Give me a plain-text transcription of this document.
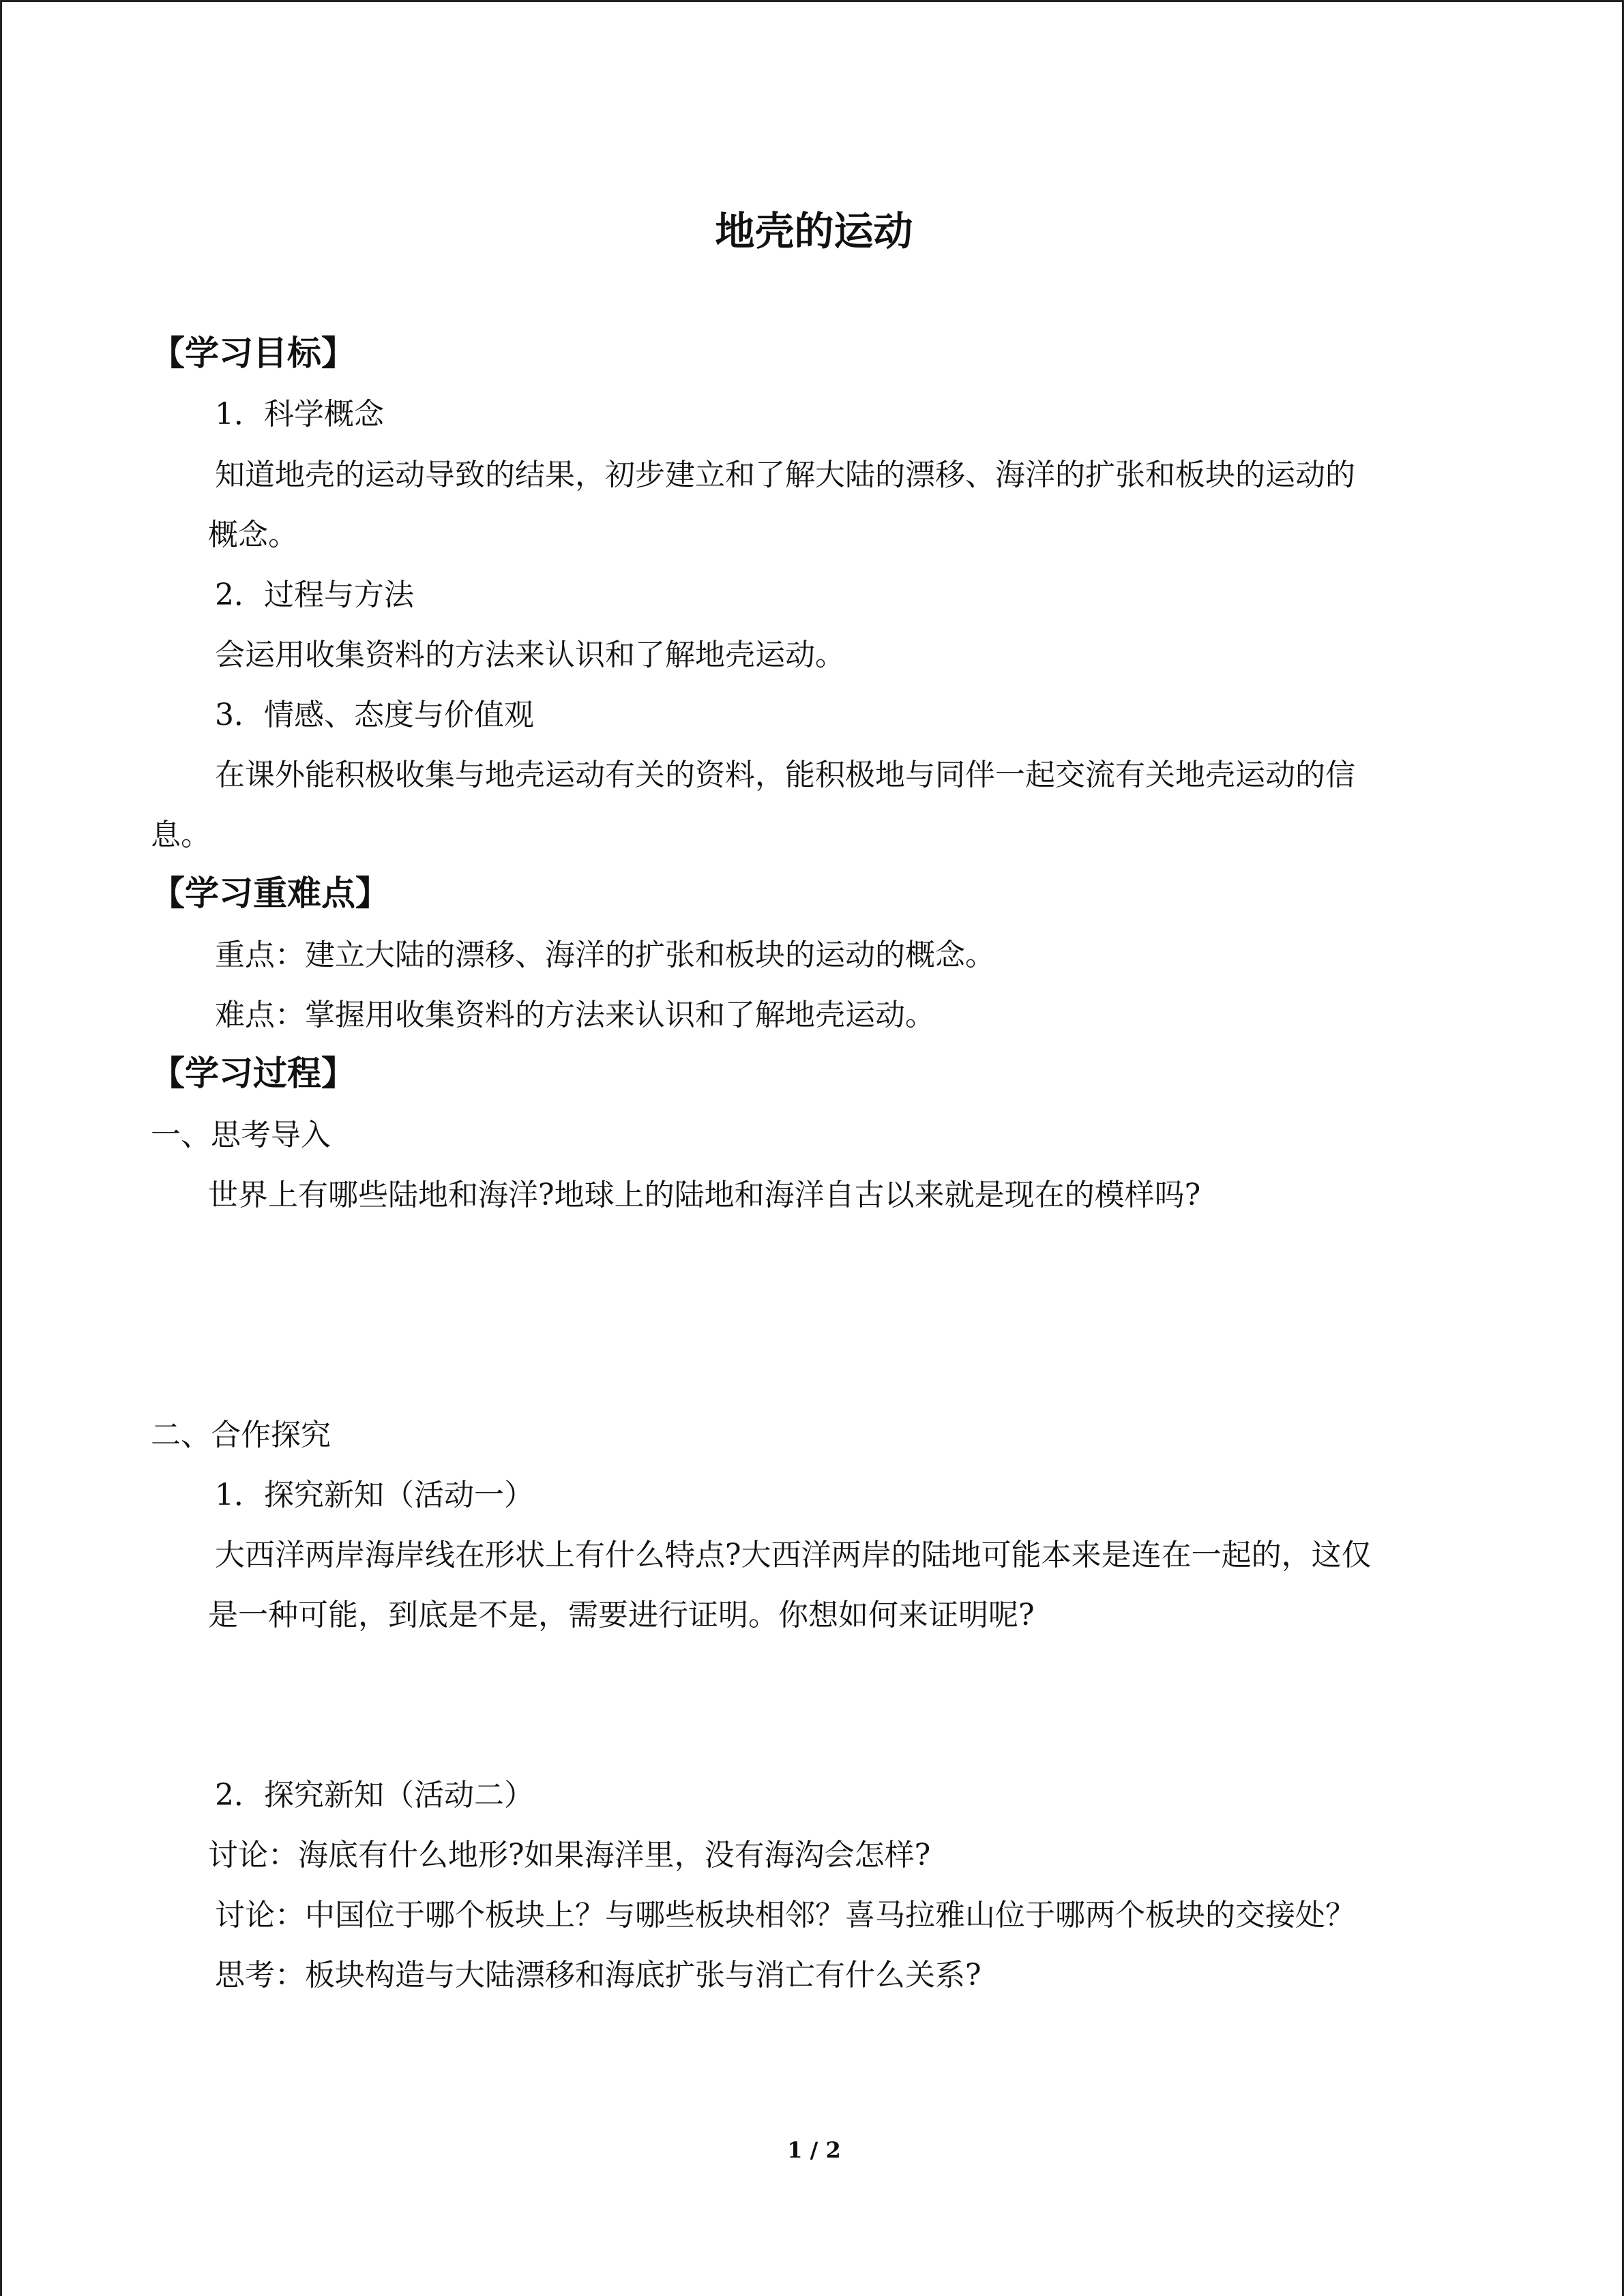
地壳的运动
【学习目标】
1．科学概念
知道地壳的运动导致的结果，初步建立和了解大陆的漂移、海洋的扩张和板块的运动的
概念。
2．过程与方法
会运用收集资料的方法来认识和了解地壳运动。
3．情感、态度与价值观
在课外能积极收集与地壳运动有关的资料，能积极地与同伴一起交流有关地壳运动的信
息。
【学习重难点】
重点：建立大陆的漂移、海洋的扩张和板块的运动的概念。
难点：掌握用收集资料的方法来认识和了解地壳运动。
【学习过程】
一、思考导入
世界上有哪些陆地和海洋?地球上的陆地和海洋自古以来就是现在的模样吗?
二、合作探究
1．探究新知（活动一）
大西洋两岸海岸线在形状上有什么特点?大西洋两岸的陆地可能本来是连在一起的，这仅
是一种可能，到底是不是，需要进行证明。你想如何来证明呢?
2．探究新知（活动二）
讨论：海底有什么地形?如果海洋里，没有海沟会怎样?
讨论：中国位于哪个板块上？与哪些板块相邻？喜马拉雅山位于哪两个板块的交接处？
思考：板块构造与大陆漂移和海底扩张与消亡有什么关系?
1 / 2
